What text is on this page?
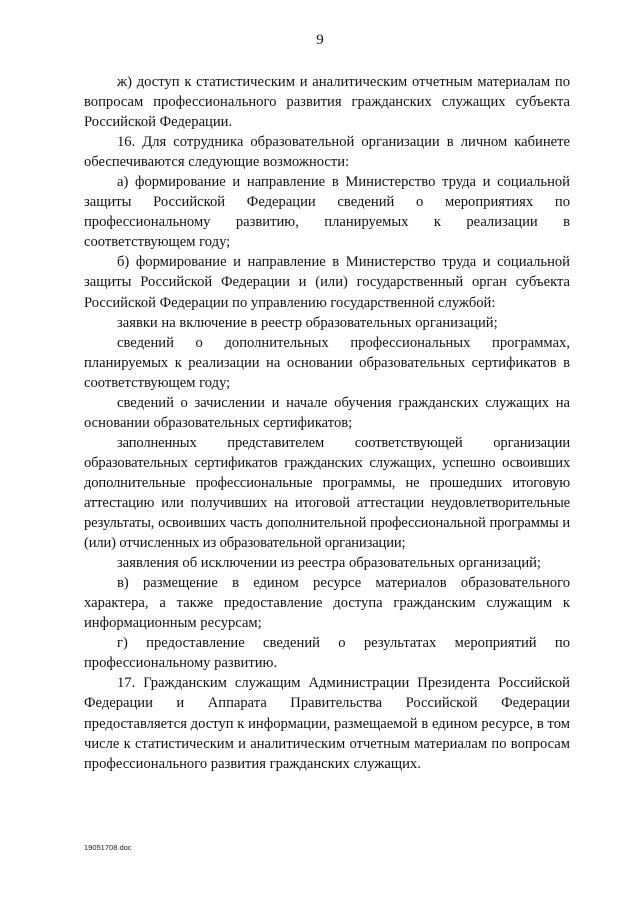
9

ж) доступ к статистическим и аналитическим отчетным материалам по вопросам профессионального развития гражданских служащих субъекта Российской Федерации.

16. Для сотрудника образовательной организации в личном кабинете обеспечиваются следующие возможности:

а) формирование и направление в Министерство труда и социальной защиты Российской Федерации сведений о мероприятиях по профессиональному развитию, планируемых к реализации в соответствующем году;

б) формирование и направление в Министерство труда и социальной защиты Российской Федерации и (или) государственный орган субъекта Российской Федерации по управлению государственной службой:

заявки на включение в реестр образовательных организаций;

сведений о дополнительных профессиональных программах, планируемых к реализации на основании образовательных сертификатов в соответствующем году;

сведений о зачислении и начале обучения гражданских служащих на основании образовательных сертификатов;

заполненных представителем соответствующей организации образовательных сертификатов гражданских служащих, успешно освоивших дополнительные профессиональные программы, не прошедших итоговую аттестацию или получивших на итоговой аттестации неудовлетворительные результаты, освоивших часть дополнительной профессиональной программы и (или) отчисленных из образовательной организации;

заявления об исключении из реестра образовательных организаций;

в) размещение в едином ресурсе материалов образовательного характера, а также предоставление доступа гражданским служащим к информационным ресурсам;

г) предоставление сведений о результатах мероприятий по профессиональному развитию.

17. Гражданским служащим Администрации Президента Российской Федерации и Аппарата Правительства Российской Федерации предоставляется доступ к информации, размещаемой в едином ресурсе, в том числе к статистическим и аналитическим отчетным материалам по вопросам профессионального развития гражданских служащих.

19051708.doc
